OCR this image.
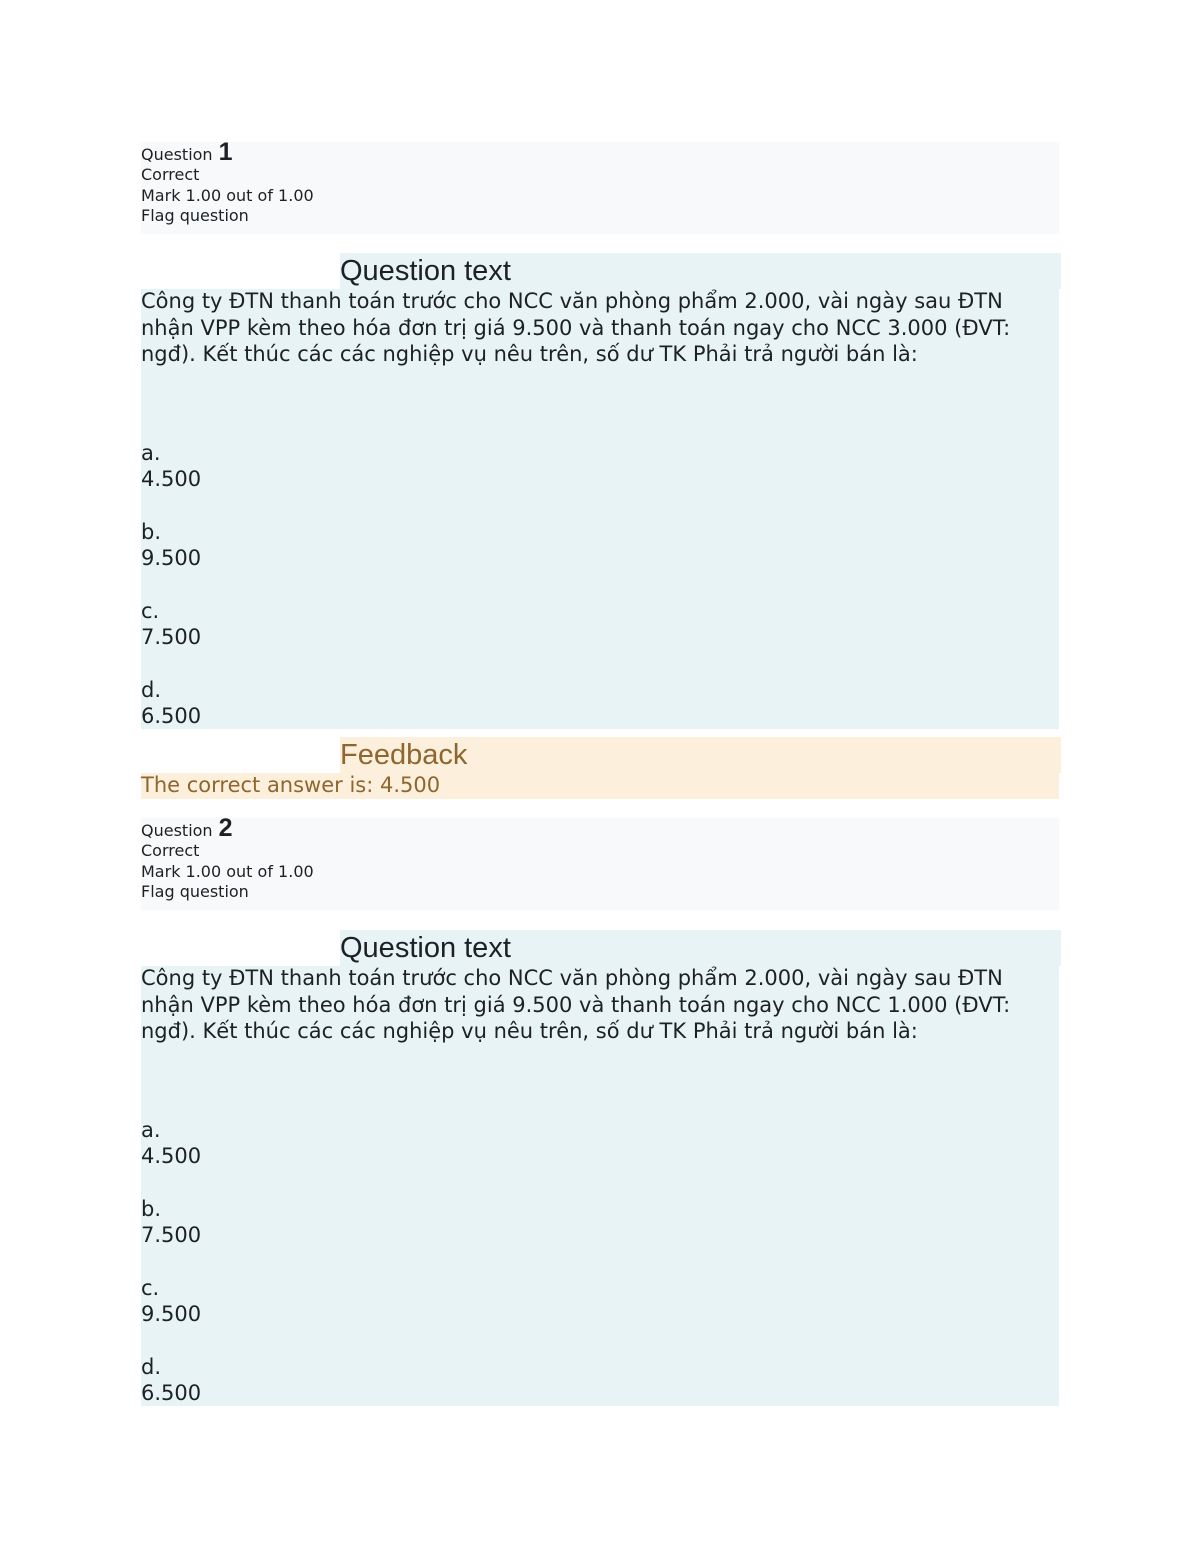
Question 1
Correct
Mark 1.00 out of 1.00
Flag question
Question text
Công ty ĐTN thanh toán trước cho NCC văn phòng phẩm 2.000, vài ngày sau ĐTN nhận VPP kèm theo hóa đơn trị giá 9.500 và thanh toán ngay cho NCC 3.000 (ĐVT: ngđ). Kết thúc các các nghiệp vụ nêu trên, số dư TK Phải trả người bán là:
a.
4.500
b.
9.500
c.
7.500
d.
6.500
Feedback
The correct answer is: 4.500
Question 2
Correct
Mark 1.00 out of 1.00
Flag question
Question text
Công ty ĐTN thanh toán trước cho NCC văn phòng phẩm 2.000, vài ngày sau ĐTN nhận VPP kèm theo hóa đơn trị giá 9.500 và thanh toán ngay cho NCC 1.000 (ĐVT: ngđ). Kết thúc các các nghiệp vụ nêu trên, số dư TK Phải trả người bán là:
a.
4.500
b.
7.500
c.
9.500
d.
6.500
